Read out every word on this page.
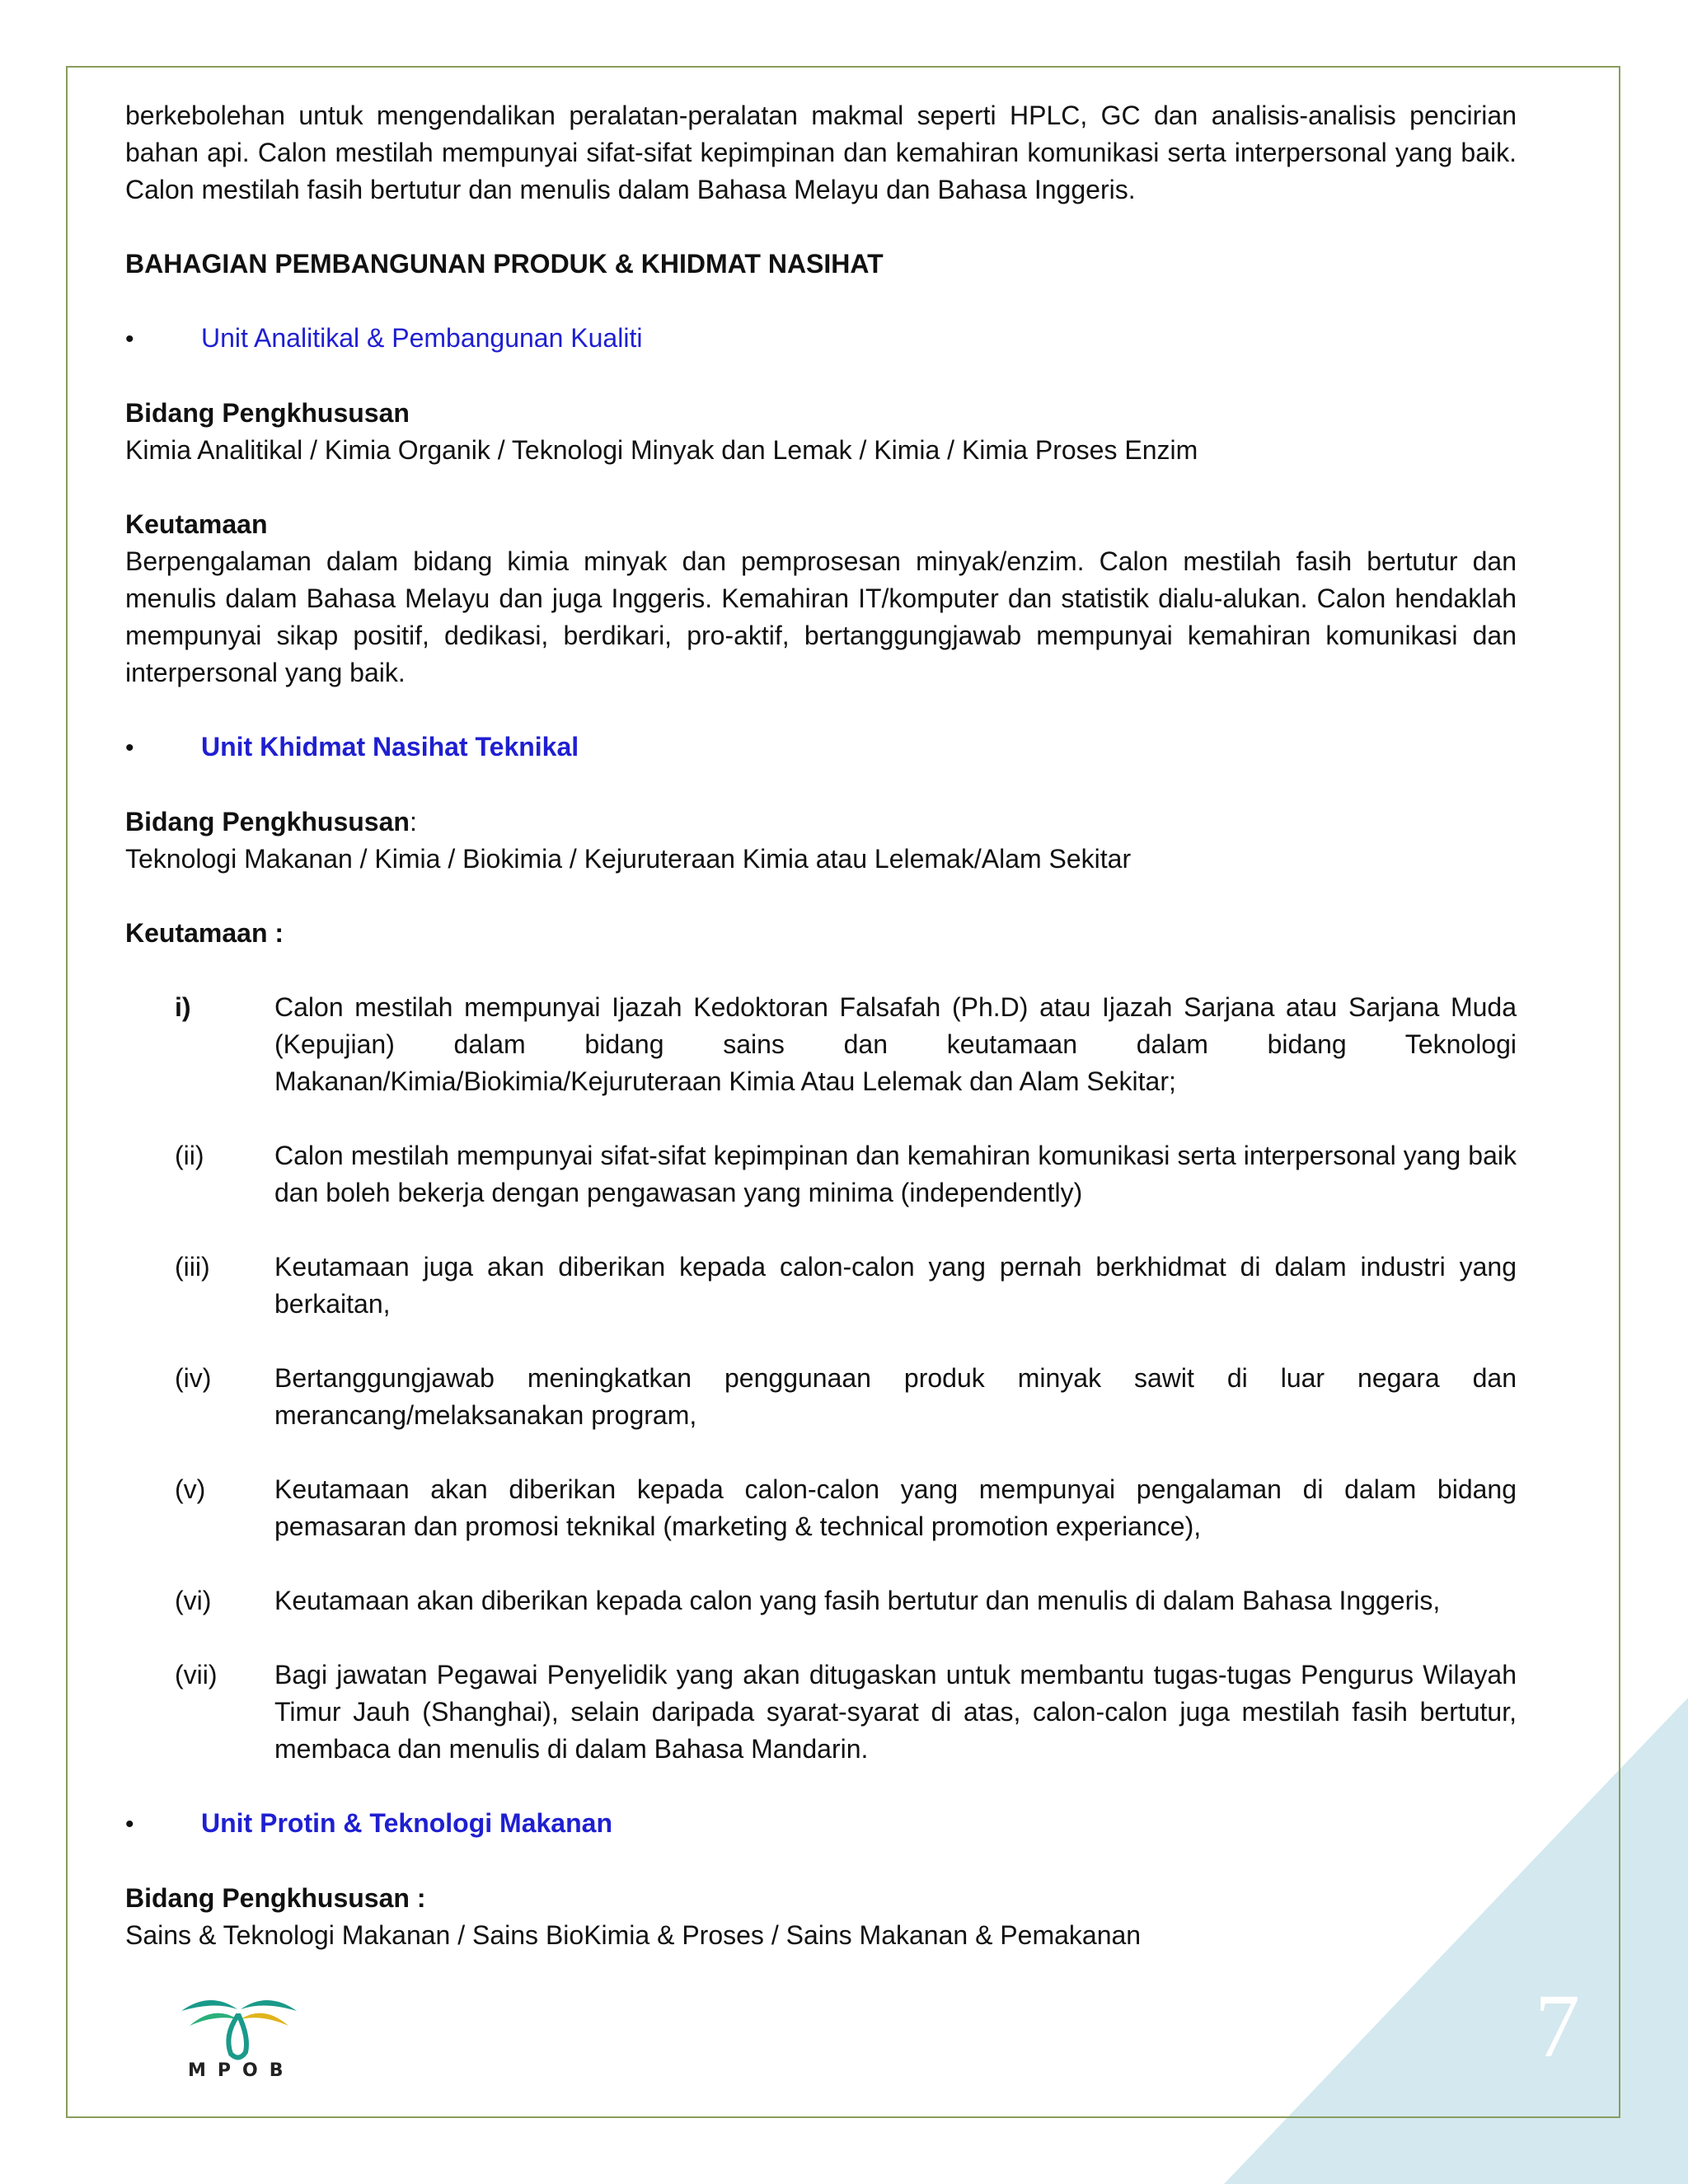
berkebolehan untuk mengendalikan peralatan-peralatan makmal seperti HPLC, GC dan analisis-analisis pencirian bahan api. Calon mestilah mempunyai sifat-sifat kepimpinan dan kemahiran komunikasi serta interpersonal yang baik. Calon mestilah fasih bertutur dan menulis dalam Bahasa Melayu dan Bahasa Inggeris.

BAHAGIAN PEMBANGUNAN PRODUK & KHIDMAT NASIHAT

•	Unit Analitikal & Pembangunan Kualiti

Bidang Pengkhususan

Kimia Analitikal / Kimia Organik / Teknologi Minyak dan Lemak / Kimia / Kimia Proses Enzim

Keutamaan

Berpengalaman dalam bidang kimia minyak dan pemprosesan minyak/enzim. Calon mestilah fasih bertutur dan menulis dalam Bahasa Melayu dan juga Inggeris. Kemahiran IT/komputer dan statistik dialu-alukan. Calon hendaklah mempunyai sikap positif, dedikasi, berdikari, pro-aktif, bertanggungjawab mempunyai kemahiran komunikasi dan interpersonal yang baik.

•	Unit Khidmat Nasihat Teknikal

Bidang Pengkhususan:

Teknologi Makanan / Kimia / Biokimia / Kejuruteraan Kimia atau Lelemak/Alam Sekitar

Keutamaan :

i)	Calon mestilah mempunyai Ijazah Kedoktoran Falsafah (Ph.D) atau Ijazah Sarjana atau Sarjana Muda (Kepujian) dalam bidang sains dan keutamaan dalam bidang Teknologi Makanan/Kimia/Biokimia/Kejuruteraan Kimia Atau Lelemak dan Alam Sekitar;
(ii)	Calon mestilah mempunyai sifat-sifat kepimpinan dan kemahiran komunikasi serta interpersonal yang baik dan boleh bekerja dengan pengawasan yang minima (independently)
(iii)	Keutamaan juga akan diberikan kepada calon-calon yang pernah berkhidmat di dalam industri yang berkaitan,
(iv)	Bertanggungjawab meningkatkan penggunaan produk minyak sawit di luar negara dan merancang/melaksanakan program,
(v)	Keutamaan akan diberikan kepada calon-calon yang mempunyai pengalaman di dalam bidang pemasaran dan promosi teknikal (marketing & technical promotion experiance),
(vi)	Keutamaan akan diberikan kepada calon yang fasih bertutur dan menulis di dalam Bahasa Inggeris,
(vii)	Bagi jawatan Pegawai Penyelidik yang akan ditugaskan untuk membantu tugas-tugas Pengurus Wilayah Timur Jauh (Shanghai), selain daripada syarat-syarat di atas, calon-calon juga mestilah fasih bertutur, membaca dan menulis di dalam Bahasa Mandarin.
•	Unit Protin & Teknologi Makanan

Bidang Pengkhususan :

Sains & Teknologi Makanan / Sains BioKimia & Proses / Sains Makanan & Pemakanan

MPOB	7
